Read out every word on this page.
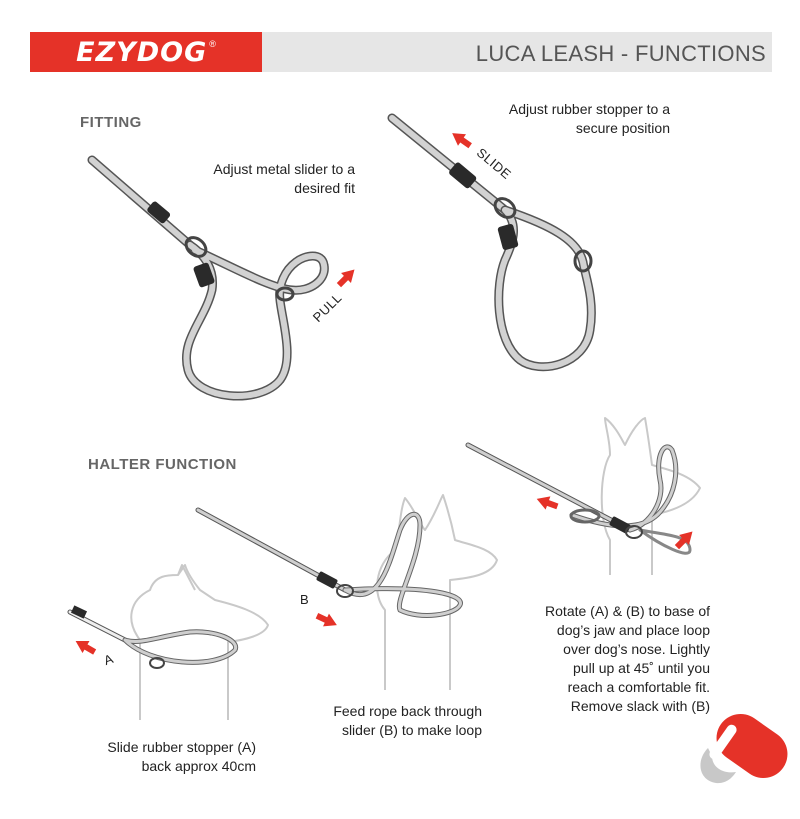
EZYDOG ®	LUCA LEASH - FUNCTIONS
FITTING
Adjust metal slider to a
desired fit
PULL
Adjust rubber stopper to a
secure position
SLIDE
HALTER FUNCTION
A
B
Slide rubber stopper (A)
back approx 40cm
Feed rope back through
slider (B) to make loop
Rotate (A) & (B) to base of
dog’s jaw and place loop
over dog’s nose. Lightly
pull up at 45˚ until you
reach a comfortable fit.
Remove slack with (B)
